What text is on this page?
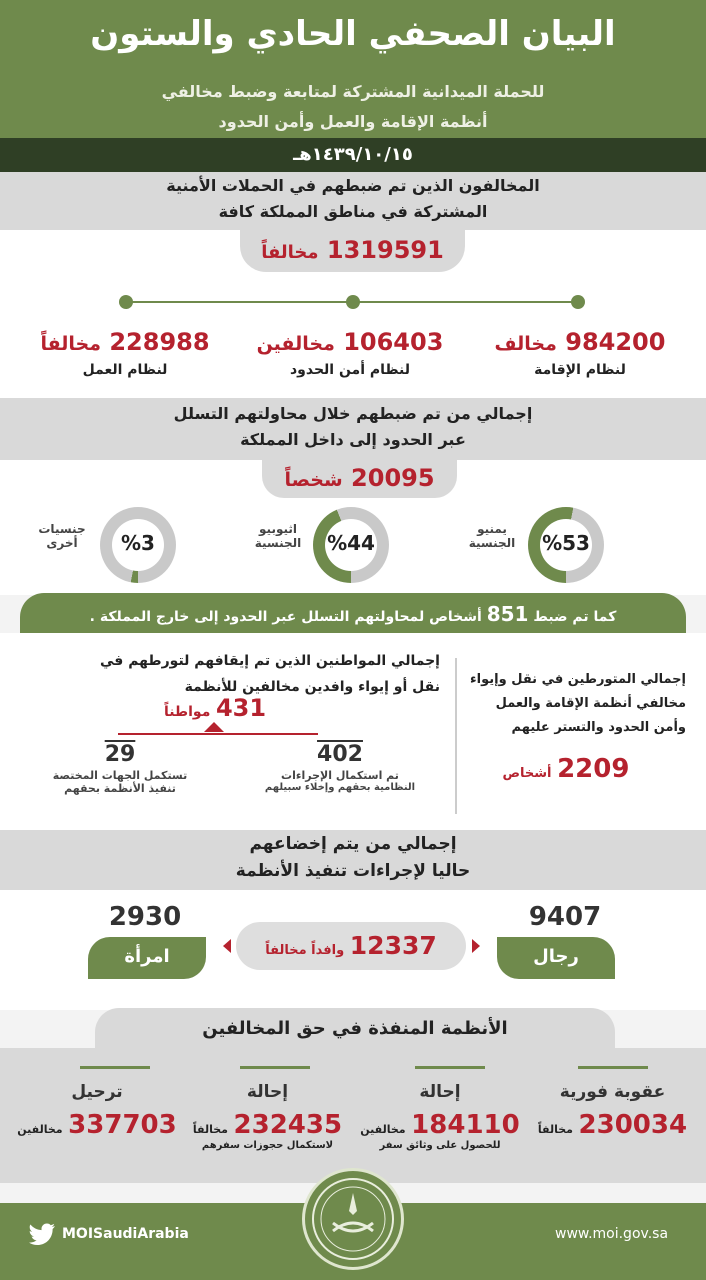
البيان الصحفي الحادي والستون
للحملة الميدانية المشتركة لمتابعة وضبط مخالفي
أنظمة الإقامة والعمل وأمن الحدود
١٤٣٩/١٠/١٥هـ
المخالفون الذين تم ضبطهم في الحملات الأمنية
المشتركة في مناطق المملكة كافة
1319591 مخالفاً
984200 مخالف
لنظام الإقامة
106403 مخالفين
لنظام أمن الحدود
228988 مخالفاً
لنظام العمل
إجمالي من تم ضبطهم خلال محاولتهم التسلل
عبر الحدود إلى داخل المملكة
20095 شخصاً
%53
يمنيو
الجنسية
%44
اثيوبيو
الجنسية
%3
جنسيات
أخرى
كما تم ضبط 851 أشخاص لمحاولتهم التسلل عبر الحدود إلى خارج المملكة .
إجمالي المتورطين في نقل وإيواء
مخالفي أنظمة الإقامة والعمل
وأمن الحدود والتستر عليهم
2209 أشخاص
إجمالي المواطنين الذين تم إيقافهم لتورطهم في
نقل أو إيواء وافدين مخالفين للأنظمة
431 مواطناً
402
تم استكمال الإجراءات
النظامية بحقهم وإخلاء سبيلهم
29
تستكمل الجهات المختصة
تنفيذ الأنظمة بحقهم
إجمالي من يتم إخضاعهم
حاليا لإجراءات تنفيذ الأنظمة
9407
رجال
2930
امرأة	12337 وافداً مخالفاً
الأنظمة المنفذة في حق المخالفين
عقوبة فورية
230034 مخالفاً
إحالة
184110 مخالفين
للحصول على وثائق سفر
إحالة
232435 مخالفاً
لاستكمال حجوزات سفرهم
ترحيل
337703 مخالفين
MOISaudiArabia	www.moi.gov.sa
